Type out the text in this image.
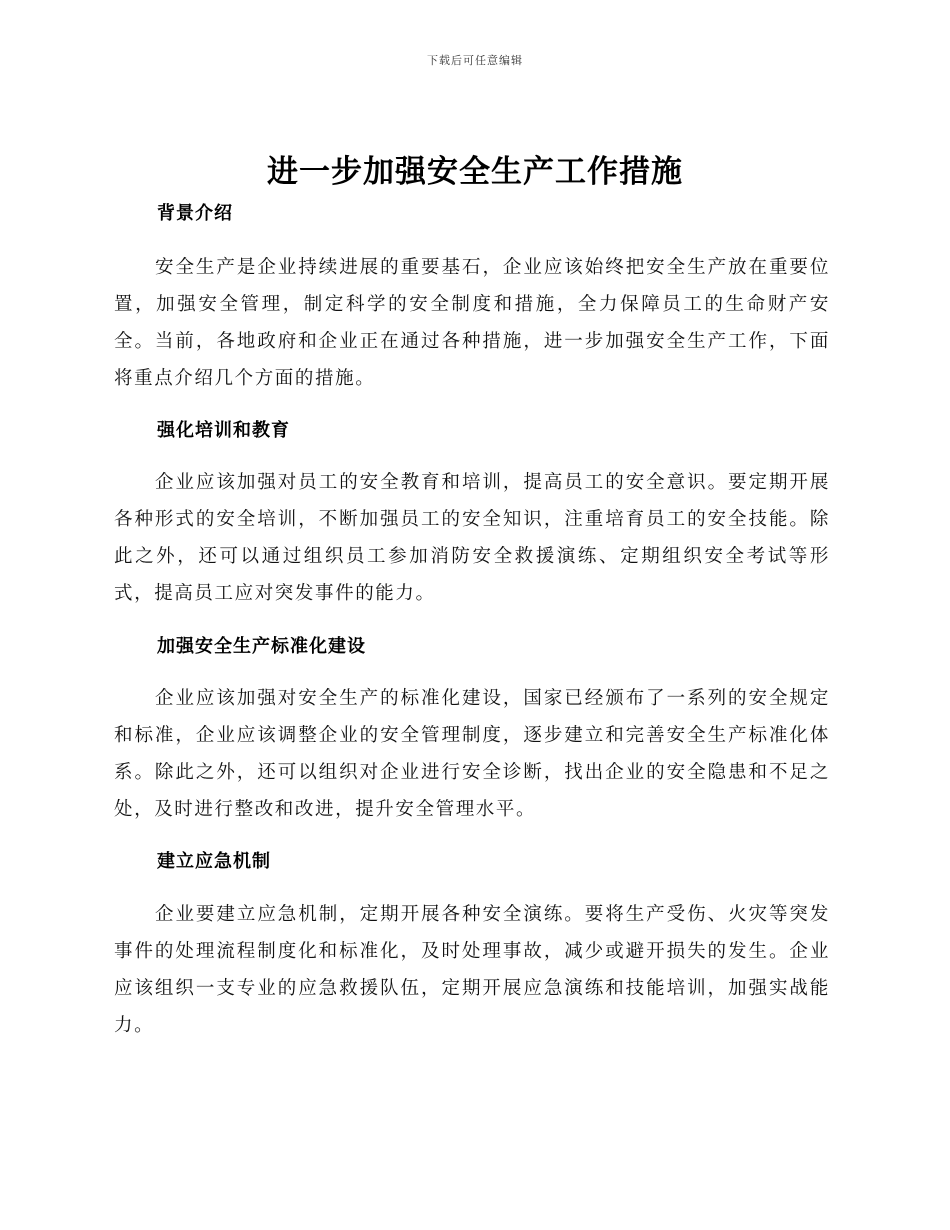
下载后可任意编辑
进一步加强安全生产工作措施
背景介绍

安全生产是企业持续进展的重要基石，企业应该始终把安全生产放在重要位置，加强安全管理，制定科学的安全制度和措施，全力保障员工的生命财产安全。当前，各地政府和企业正在通过各种措施，进一步加强安全生产工作，下面将重点介绍几个方面的措施。

强化培训和教育

企业应该加强对员工的安全教育和培训，提高员工的安全意识。要定期开展各种形式的安全培训，不断加强员工的安全知识，注重培育员工的安全技能。除此之外，还可以通过组织员工参加消防安全救援演练、定期组织安全考试等形式，提高员工应对突发事件的能力。

加强安全生产标准化建设

企业应该加强对安全生产的标准化建设，国家已经颁布了一系列的安全规定和标准，企业应该调整企业的安全管理制度，逐步建立和完善安全生产标准化体系。除此之外，还可以组织对企业进行安全诊断，找出企业的安全隐患和不足之处，及时进行整改和改进，提升安全管理水平。

建立应急机制

企业要建立应急机制，定期开展各种安全演练。要将生产受伤、火灾等突发事件的处理流程制度化和标准化，及时处理事故，减少或避开损失的发生。企业应该组织一支专业的应急救援队伍，定期开展应急演练和技能培训，加强实战能力。
